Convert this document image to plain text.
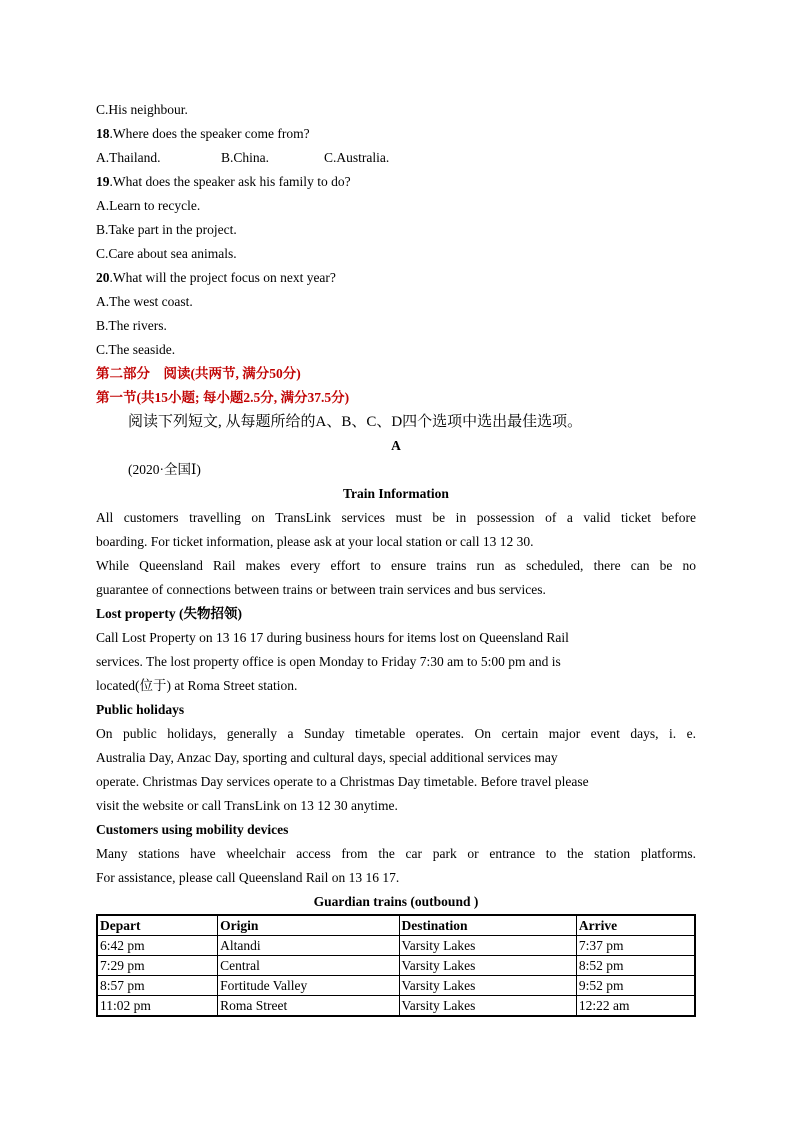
C.His neighbour.
18.Where does the speaker come from?
A.Thailand.	B.China.	C.Australia.
19.What does the speaker ask his family to do?
A.Learn to recycle.
B.Take part in the project.
C.Care about sea animals.
20.What will the project focus on next year?
A.The west coast.
B.The rivers.
C.The seaside.
第二部分　阅读(共两节, 满分50分)
第一节(共15小题; 每小题2.5分, 满分37.5分)
阅读下列短文, 从每题所给的A、B、C、D四个选项中选出最佳选项。
A
(2020·全国Ⅰ)
Train Information
All customers travelling on TransLink services must be in possession of a valid ticket before
boarding. For ticket information, please ask at your local station or call 13 12 30.
While Queensland Rail makes every effort to ensure trains run as scheduled, there can be no
guarantee of connections between trains or between train services and bus services.
Lost property (失物招领)
Call Lost Property on 13 16 17 during business hours for items lost on Queensland Rail
services. The lost property office is open Monday to Friday 7:30 am to 5:00 pm and is
located(位于) at Roma Street station.
Public holidays
On public holidays, generally a Sunday timetable operates. On certain major event days, i. e.
Australia Day, Anzac Day, sporting and cultural days, special additional services may
operate. Christmas Day services operate to a Christmas Day timetable. Before travel please
visit the website or call TransLink on 13 12 30 anytime.
Customers using mobility devices
Many stations have wheelchair access from the car park or entrance to the station platforms.
For assistance, please call Queensland Rail on 13 16 17.
Guardian trains (outbound )
Depart	Origin	Destination	Arrive
6:42 pm	Altandi	Varsity Lakes	7:37 pm
7:29 pm	Central	Varsity Lakes	8:52 pm
8:57 pm	Fortitude Valley	Varsity Lakes	9:52 pm
11:02 pm	Roma Street	Varsity Lakes	12:22 am
